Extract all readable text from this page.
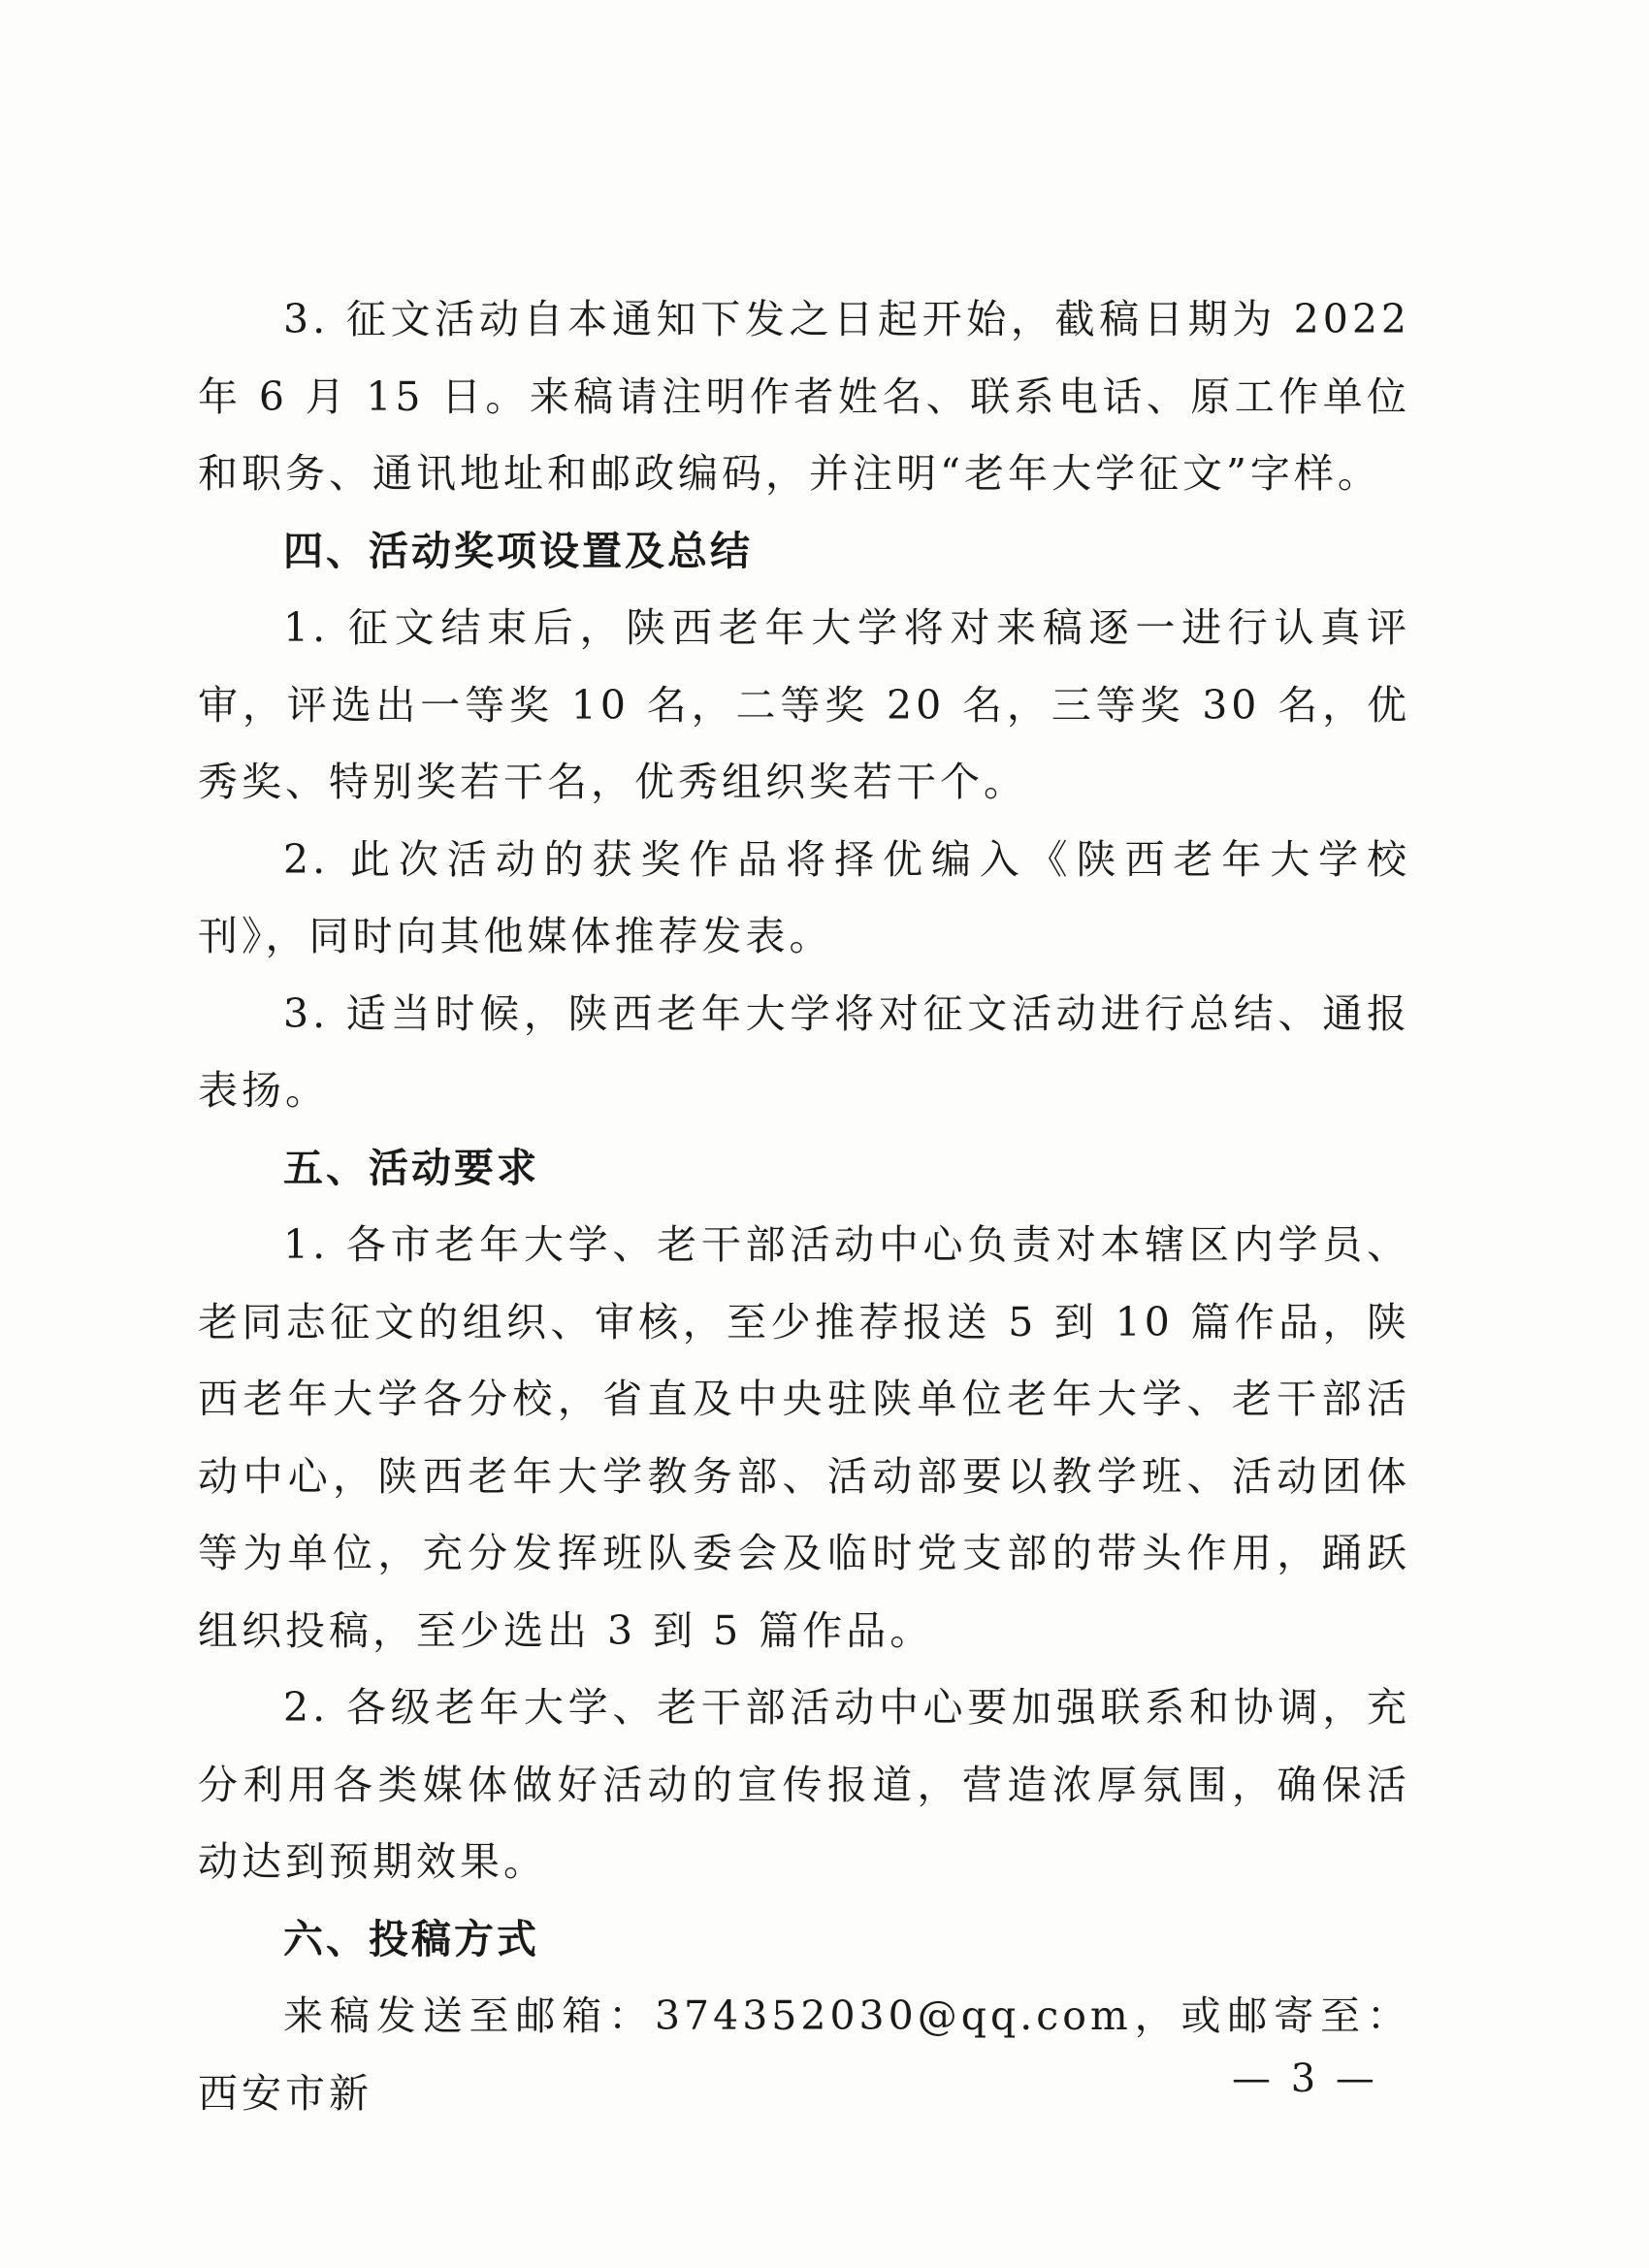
3. 征文活动自本通知下发之日起开始，截稿日期为 2022 年 6 月 15 日。来稿请注明作者姓名、联系电话、原工作单位和职务、通讯地址和邮政编码，并注明“老年大学征文”字样。

四、活动奖项设置及总结

1. 征文结束后，陕西老年大学将对来稿逐一进行认真评审，评选出一等奖 10 名，二等奖 20 名，三等奖 30 名，优秀奖、特别奖若干名，优秀组织奖若干个。

2. 此次活动的获奖作品将择优编入《陕西老年大学校刊》，同时向其他媒体推荐发表。

3. 适当时候，陕西老年大学将对征文活动进行总结、通报表扬。

五、活动要求

1. 各市老年大学、老干部活动中心负责对本辖区内学员、老同志征文的组织、审核，至少推荐报送 5 到 10 篇作品，陕西老年大学各分校，省直及中央驻陕单位老年大学、老干部活动中心，陕西老年大学教务部、活动部要以教学班、活动团体等为单位，充分发挥班队委会及临时党支部的带头作用，踊跃组织投稿，至少选出 3 到 5 篇作品。

2. 各级老年大学、老干部活动中心要加强联系和协调，充分利用各类媒体做好活动的宣传报道，营造浓厚氛围，确保活动达到预期效果。

六、投稿方式

来稿发送至邮箱：374352030@qq.com，或邮寄至：西安市新	— 3 —
